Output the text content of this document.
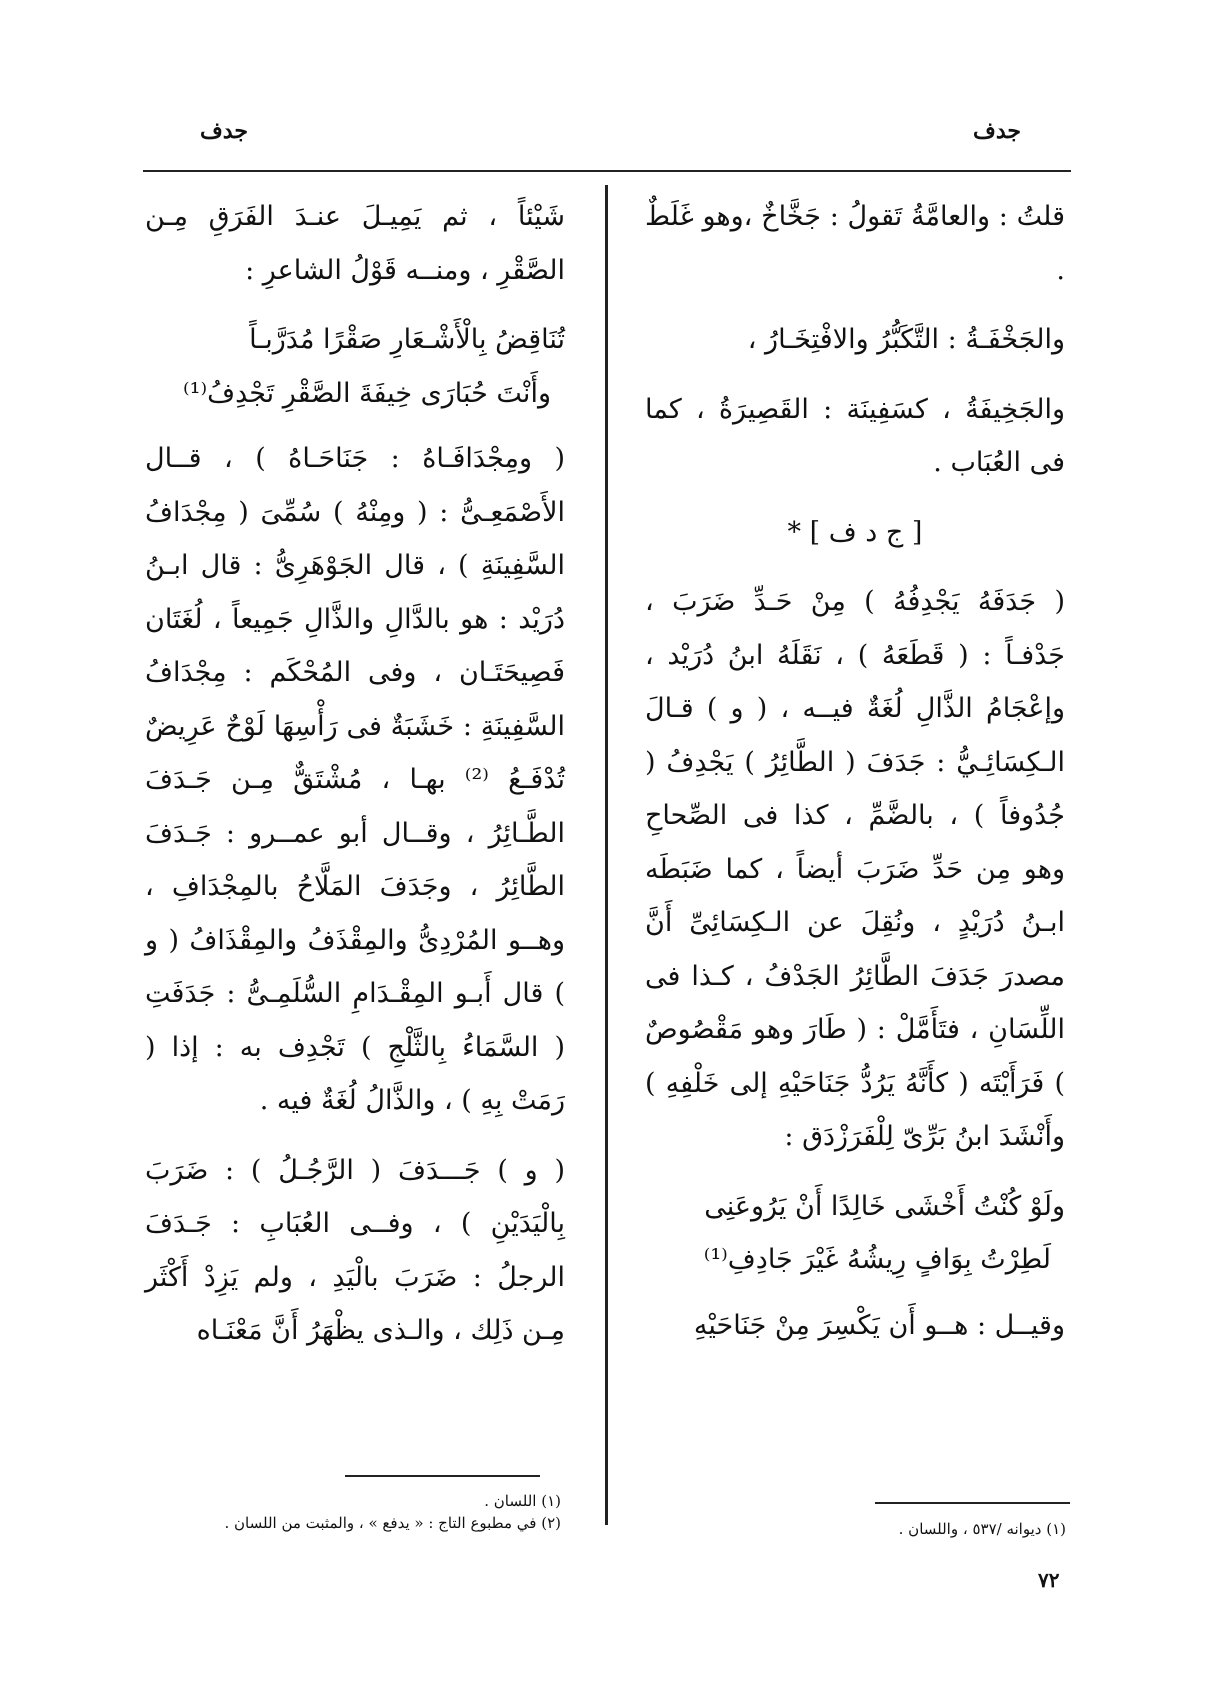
جدف
جدف

قلتُ : والعامَّةُ تَقولُ : جَخَّاخٌ ،وهو غَلَطٌ .

والجَخْفَـةُ : التَّكَبُّرُ والافْتِخَـارُ ،

والجَخِيفَةُ ، كسَفِينَة : القَصِيرَةُ ، كما فى العُبَاب .

[ ج د ف ] *

( جَدَفَهُ يَجْدِفُهُ ) مِنْ حَـدِّ ضَرَبَ ، جَدْفـاً : ( قَطَعَهُ ) ، نَقَلَهُ ابنُ دُرَيْد ، وإعْجَامُ الذَّالِ لُغَةٌ فيــه ، ( و ) قـالَ الـكِسَائِـيُّ : جَدَفَ ( الطَّائِرُ ) يَجْدِفُ ( جُدُوفاً ) ، بالضَّمِّ ، كذا فى الصِّحاحِ وهو مِن حَدِّ ضَرَبَ أيضاً ، كما ضَبَطَه ابـنُ دُرَيْدٍ ، ونُقِلَ عن الـكِسَائِىِّ أَنَّ مصدرَ جَدَفَ الطَّائِرُ الجَدْفُ ، كـذا فى اللِّسَانِ ، فتَأَمَّلْ : ( طَارَ وهو مَقْصُوصٌ ) فَرَأَيْتَه ( كأَنَّهُ يَرُدُّ جَنَاحَيْهِ إلى خَلْفِهِ ) وأَنْشَدَ ابنُ بَرِّىّ لِلْفَرَزْدَق :

ولَوْ كُنْتُ أَخْشَى خَالِدًا أَنْ يَرُوعَنِى
لَطِرْتُ بِوَافٍ رِيشُهُ غَيْرَ جَادِفِ⁽¹⁾

وقيــل : هــو أَن يَكْسِرَ مِنْ جَنَاحَيْهِ

شَيْئاً ، ثم يَمِيـلَ عنـدَ الفَرَقِ مِـن الصَّقْرِ ، ومنــه قَوْلُ الشاعرِ :

تُنَاقِضُ بِالْأَشْـعَارِ صَقْرًا مُدَرَّبـاً
وأَنْتَ حُبَارَى خِيفَةَ الصَّقْرِ تَجْدِفُ⁽¹⁾

( ومِجْدَافَـاهُ : جَنَاحَـاهُ ) ، قــال الأَصْمَعِـىُّ : ( ومِنْهُ ) سُمِّىَ ( مِجْدَافُ السَّفِينَةِ ) ، قال الجَوْهَرِىُّ : قال ابـنُ دُرَيْد : هو بالدَّالِ والذَّالِ جَمِيعاً ، لُغَتَان فَصِيحَتَـان ، وفى المُحْكَم : مِجْدَافُ السَّفِينَةِ : خَشَبَةٌ فى رَأْسِهَا لَوْحٌ عَرِيضٌ تُدْفَـعُ ⁽²⁾ بهـا ، مُشْتَقٌّ مِـن جَـدَفَ الطَّـائِرُ ، وقــال أبو عمــرو : جَـدَفَ الطَّائِرُ ، وجَدَفَ المَلَّاحُ بالمِجْدَافِ ، وهــو المُرْدِىُّ والمِقْذَفُ والمِقْذَافُ ( و ) قال أَبـو المِقْـدَامِ السُّلَمِـىُّ : جَدَفَتِ ( السَّمَاءُ بِالثَّلْجِ ) تَجْدِف به : إذا ( رَمَتْ بِهِ ) ، والذَّالُ لُغَةٌ فيه .

( و ) جَـــدَفَ ( الرَّجُـلُ ) : ضَرَبَ بِالْيَدَيْنِ ) ، وفــى العُبَابِ : جَـدَفَ الرجلُ : ضَرَبَ بالْيَدِ ، ولم يَزِدْ أَكْثَر مِـن ذَلِك ، والـذى يظْهَرُ أَنَّ مَعْنَـاه

(١) ديوانه /٥٣٧ ، واللسان .
(١) اللسان .
(٢) في مطبوع التاج : « يدفع » ، والمثبت من اللسان .
٧٢
